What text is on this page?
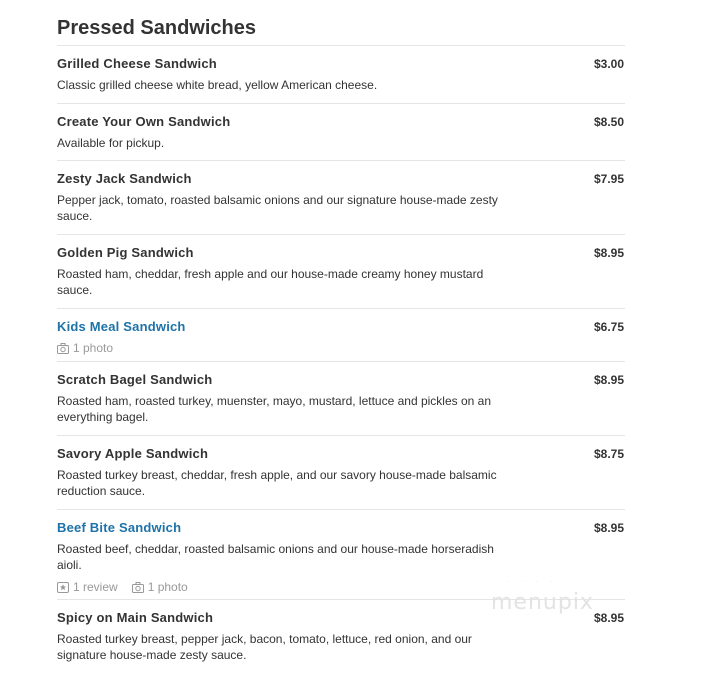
Pressed Sandwiches
Grilled Cheese Sandwich	$3.00
Classic grilled cheese white bread, yellow American cheese.
Create Your Own Sandwich	$8.50
Available for pickup.
Zesty Jack Sandwich	$7.95
Pepper jack, tomato, roasted balsamic onions and our signature house-made zesty sauce.
Golden Pig Sandwich	$8.95
Roasted ham, cheddar, fresh apple and our house-made creamy honey mustard sauce.
Kids Meal Sandwich	$6.75
1 photo
Scratch Bagel Sandwich	$8.95
Roasted ham, roasted turkey, muenster, mayo, mustard, lettuce and pickles on an everything bagel.
Savory Apple Sandwich	$8.75
Roasted turkey breast, cheddar, fresh apple, and our savory house-made balsamic reduction sauce.
Beef Bite Sandwich	$8.95
Roasted beef, cheddar, roasted balsamic onions and our house-made horseradish aioli.
1 review	1 photo
Spicy on Main Sandwich	$8.95
Roasted turkey breast, pepper jack, bacon, tomato, lettuce, red onion, and our signature house-made zesty sauce.
· · · ·
menupix
